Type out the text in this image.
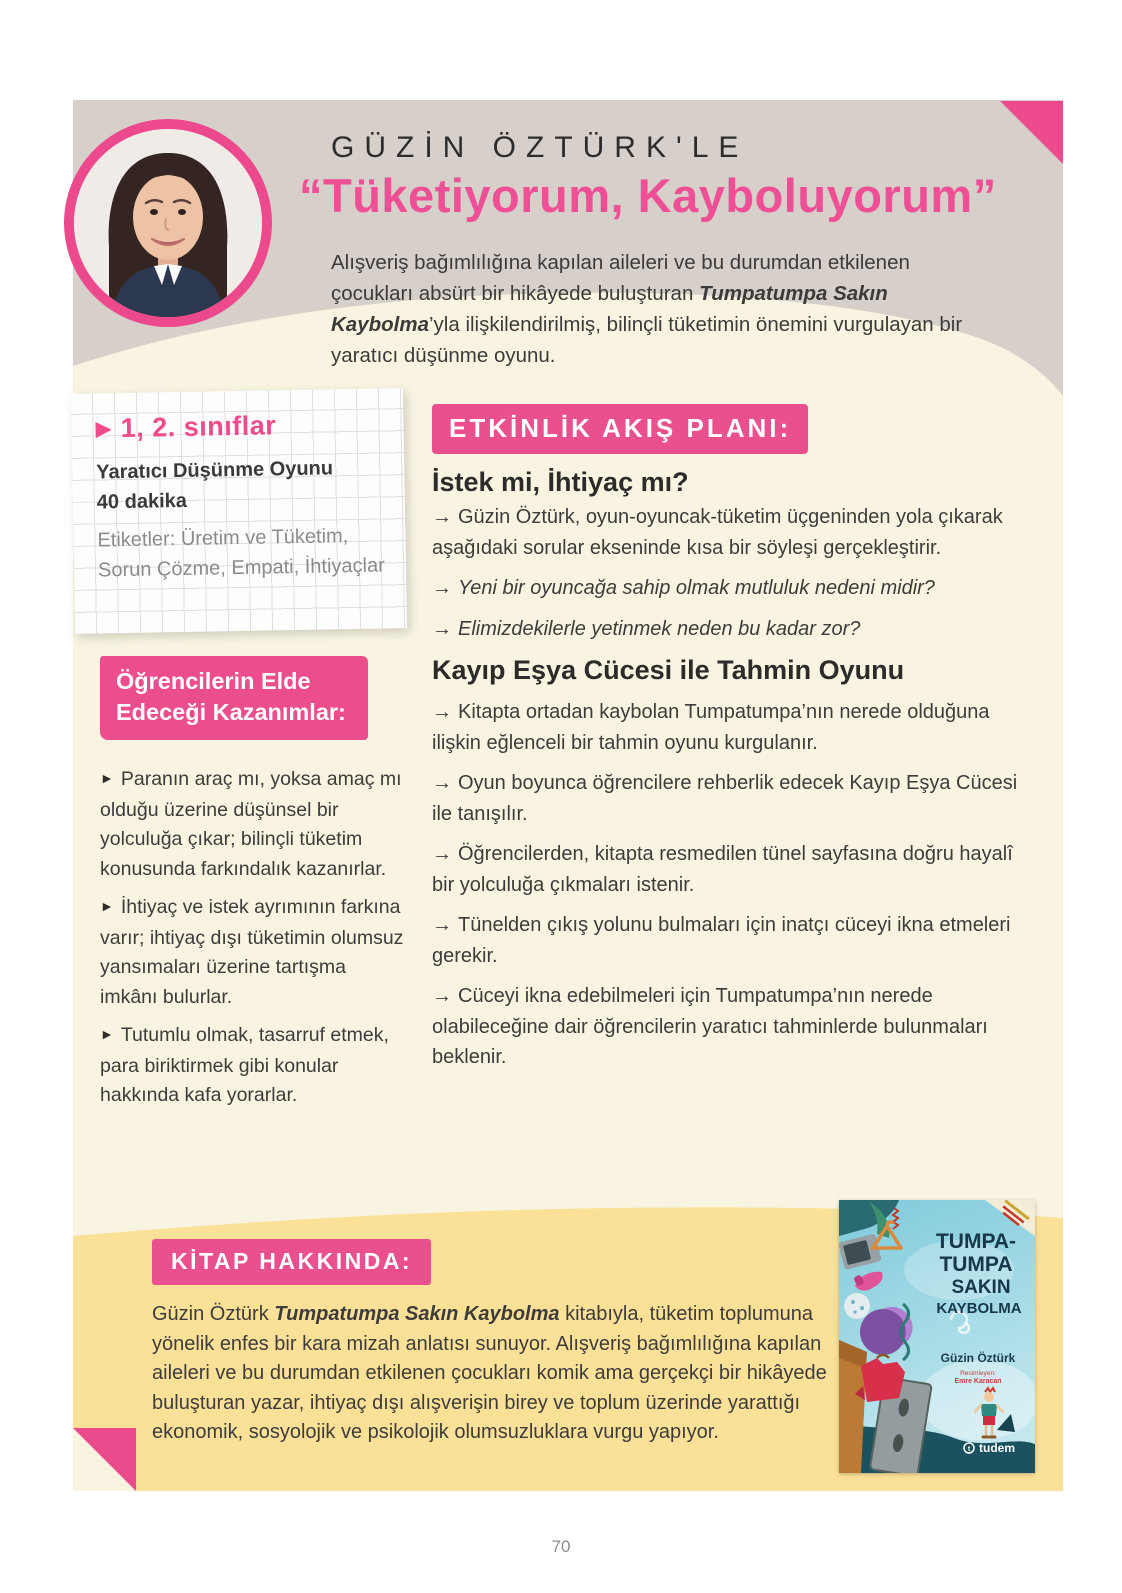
GÜZİN ÖZTÜRK'LE
“Tüketiyorum, Kayboluyorum”
Alışveriş bağımlılığına kapılan aileleri ve bu durumdan etkilenen çocukları absürt bir hikâyede buluşturan Tumpatumpa Sakın Kaybolma’yla ilişkilendirilmiş, bilinçli tüketimin önemini vurgulayan bir yaratıcı düşünme oyunu.
▶ 1, 2. sınıflar
Yaratıcı Düşünme Oyunu
40 dakika
Etiketler: Üretim ve Tüketim, Sorun Çözme, Empati, İhtiyaçlar
Öğrencilerin Elde Edeceği Kazanımlar:
► Paranın araç mı, yoksa amaç mı olduğu üzerine düşünsel bir yolculuğa çıkar; bilinçli tüketim konusunda farkındalık kazanırlar.
► İhtiyaç ve istek ayrımının farkına varır; ihtiyaç dışı tüketimin olumsuz yansımaları üzerine tartışma imkânı bulurlar.
► Tutumlu olmak, tasarruf etmek, para biriktirmek gibi konular hakkında kafa yorarlar.
ETKİNLİK AKIŞ PLANI:
İstek mi, İhtiyaç mı?
→ Güzin Öztürk, oyun-oyuncak-tüketim üçgeninden yola çıkarak aşağıdaki sorular ekseninde kısa bir söyleşi gerçekleştirir.
→ Yeni bir oyuncağa sahip olmak mutluluk nedeni midir?
→ Elimizdekilerle yetinmek neden bu kadar zor?
Kayıp Eşya Cücesi ile Tahmin Oyunu
→ Kitapta ortadan kaybolan Tumpatumpa’nın nerede olduğuna ilişkin eğlenceli bir tahmin oyunu kurgulanır.
→ Oyun boyunca öğrencilere rehberlik edecek Kayıp Eşya Cücesi ile tanışılır.
→ Öğrencilerden, kitapta resmedilen tünel sayfasına doğru hayalî bir yolculuğa çıkmaları istenir.
→ Tünelden çıkış yolunu bulmaları için inatçı cüceyi ikna etmeleri gerekir.
→ Cüceyi ikna edebilmeleri için Tumpatumpa’nın nerede olabileceğine dair öğrencilerin yaratıcı tahminlerde bulunmaları beklenir.
KİTAP HAKKINDA:
Güzin Öztürk Tumpatumpa Sakın Kaybolma kitabıyla, tüketim toplumuna yönelik enfes bir kara mizah anlatısı sunuyor. Alışveriş bağımlılığına kapılan aileleri ve bu durumdan etkilenen çocukları komik ama gerçekçi bir hikâyede buluşturan yazar, ihtiyaç dışı alışverişin birey ve toplum üzerinde yarattığı ekonomik, sosyolojik ve psikolojik olumsuzluklara vurgu yapıyor.
TUMPA-
TUMPA
SAKIN
KAYBOLMA
Güzin Öztürk
Resimleyen:
Emre Karacan
t tudem
70
